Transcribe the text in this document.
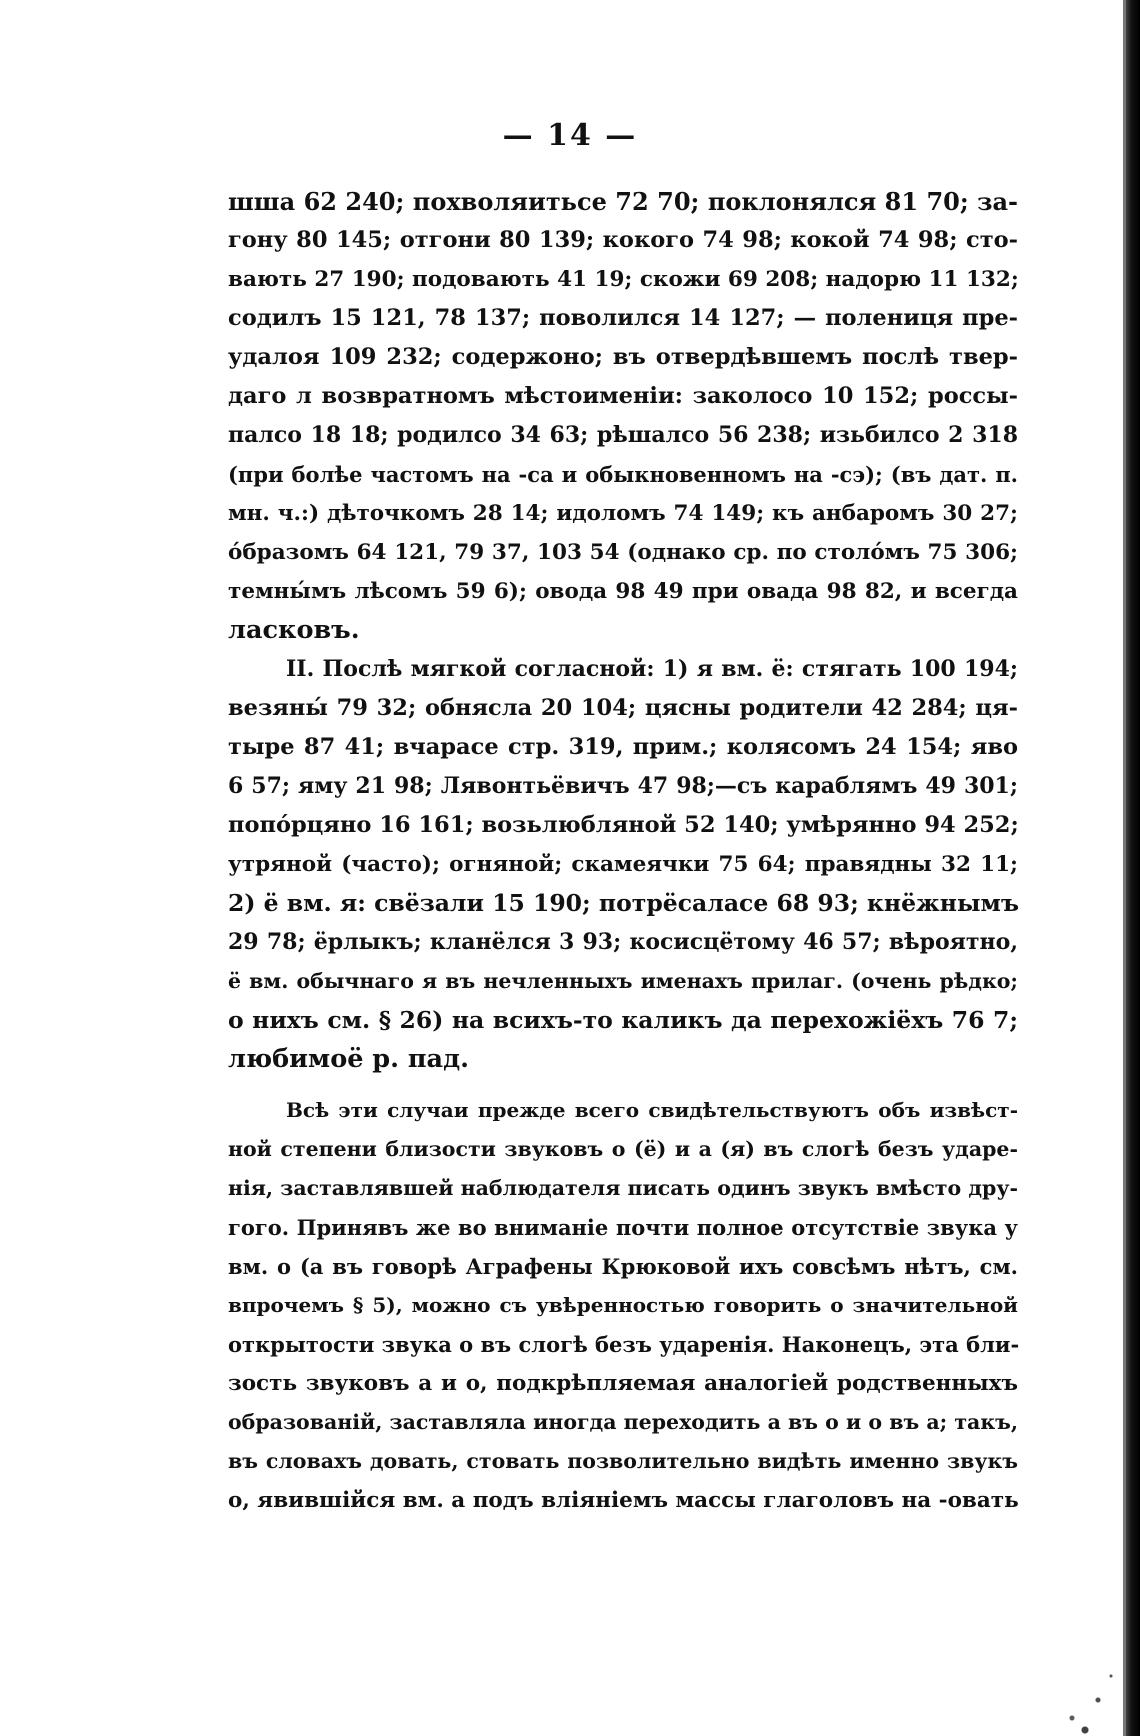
— 14 —
шша 62 240; похволяитьсе 72 70; поклонялся 81 70; за-
гону 80 145; отгони 80 139; кокого 74 98; кокой 74 98; сто-
вають 27 190; подовають 41 19; скожи 69 208; надорю 11 132;
содилъ 15 121, 78 137; поволился 14 127; — полениця пре-
удалоя 109 232; содержоно; въ отвердѣвшемъ послѣ твер-
даго л возвратномъ мѣстоименіи: заколосо 10 152; россы-
палсо 18 18; родилсо 34 63; рѣшалсо 56 238; изьбилсо 2 318
(при болѣе частомъ на -са и обыкновенномъ на -сэ); (въ дат. п.
мн. ч.:) дѣточкомъ 28 14; идоломъ 74 149; къ анбаромъ 30 27;
óбразомъ 64 121, 79 37, 103 54 (однако ср. по столóмъ 75 306;
темны́мъ лѣсомъ 59 6); овода 98 49 при овада 98 82, и всегда
ласковъ.
II. Послѣ мягкой согласной: 1) я вм. ё: стягать 100 194;
везяны́ 79 32; обнясла 20 104; цясны родители 42 284; ця-
тыре 87 41; вчарасе стр. 319, прим.; колясомъ 24 154; яво
6 57; яму 21 98; Лявонтьёвичъ 47 98;—съ караблямъ 49 301;
попóрцяно 16 161; возьлюбляной 52 140; умѣрянно 94 252;
утряной (часто); огняной; скамеячки 75 64; правядны 32 11;
2) ё вм. я: свёзали 15 190; потрёсаласе 68 93; кнёжнымъ
29 78; ёрлыкъ; кланёлся 3 93; косисцётому 46 57; вѣроятно,
ё вм. обычнаго я въ нечленныхъ именахъ прилаг. (очень рѣдко;
о нихъ см. § 26) на всихъ-то каликъ да перехожіёхъ 76 7;
любимоё р. пад.
Всѣ эти случаи прежде всего свидѣтельствуютъ объ извѣст-
ной степени близости звуковъ о (ё) и а (я) въ слогѣ безъ ударе-
нія, заставлявшей наблюдателя писать одинъ звукъ вмѣсто дру-
гого. Принявъ же во вниманіе почти полное отсутствіе звука у
вм. о (а въ говорѣ Аграфены Крюковой ихъ совсѣмъ нѣтъ, см.
впрочемъ § 5), можно съ увѣренностью говорить о значительной
открытости звука о въ слогѣ безъ ударенія. Наконецъ, эта бли-
зость звуковъ а и о, подкрѣпляемая аналогіей родственныхъ
образованій, заставляла иногда переходить а въ о и о въ а; такъ,
въ словахъ довать, стовать позволительно видѣть именно звукъ
о, явившійся вм. а подъ вліяніемъ массы глаголовъ на -овать
